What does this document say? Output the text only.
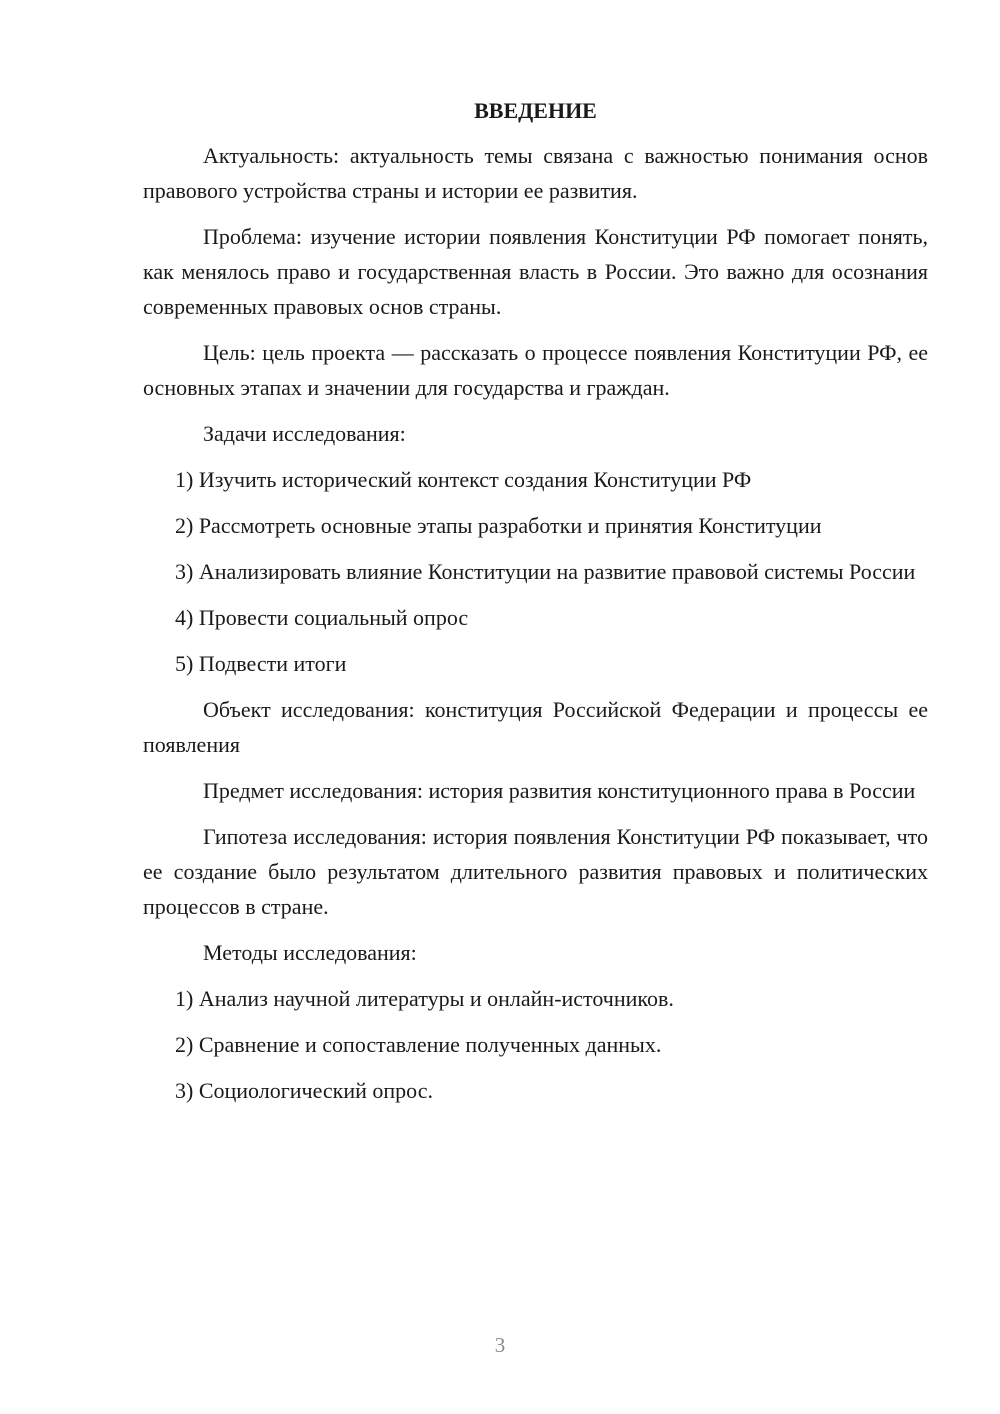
ВВЕДЕНИЕ
Актуальность: актуальность темы связана с важностью понимания основ правового устройства страны и истории ее развития.
Проблема: изучение истории появления Конституции РФ помогает понять, как менялось право и государственная власть в России. Это важно для осознания современных правовых основ страны.
Цель: цель проекта — рассказать о процессе появления Конституции РФ, ее основных этапах и значении для государства и граждан.
Задачи исследования:
1) Изучить исторический контекст создания Конституции РФ
2) Рассмотреть основные этапы разработки и принятия Конституции
3) Анализировать влияние Конституции на развитие правовой системы России
4) Провести социальный опрос
5) Подвести итоги
Объект исследования: конституция Российской Федерации и процессы ее появления
Предмет исследования: история развития конституционного права в России
Гипотеза исследования: история появления Конституции РФ показывает, что ее создание было результатом длительного развития правовых и политических процессов в стране.
Методы исследования:
1) Анализ научной литературы и онлайн-источников.
2) Сравнение и сопоставление полученных данных.
3) Социологический опрос.
3
